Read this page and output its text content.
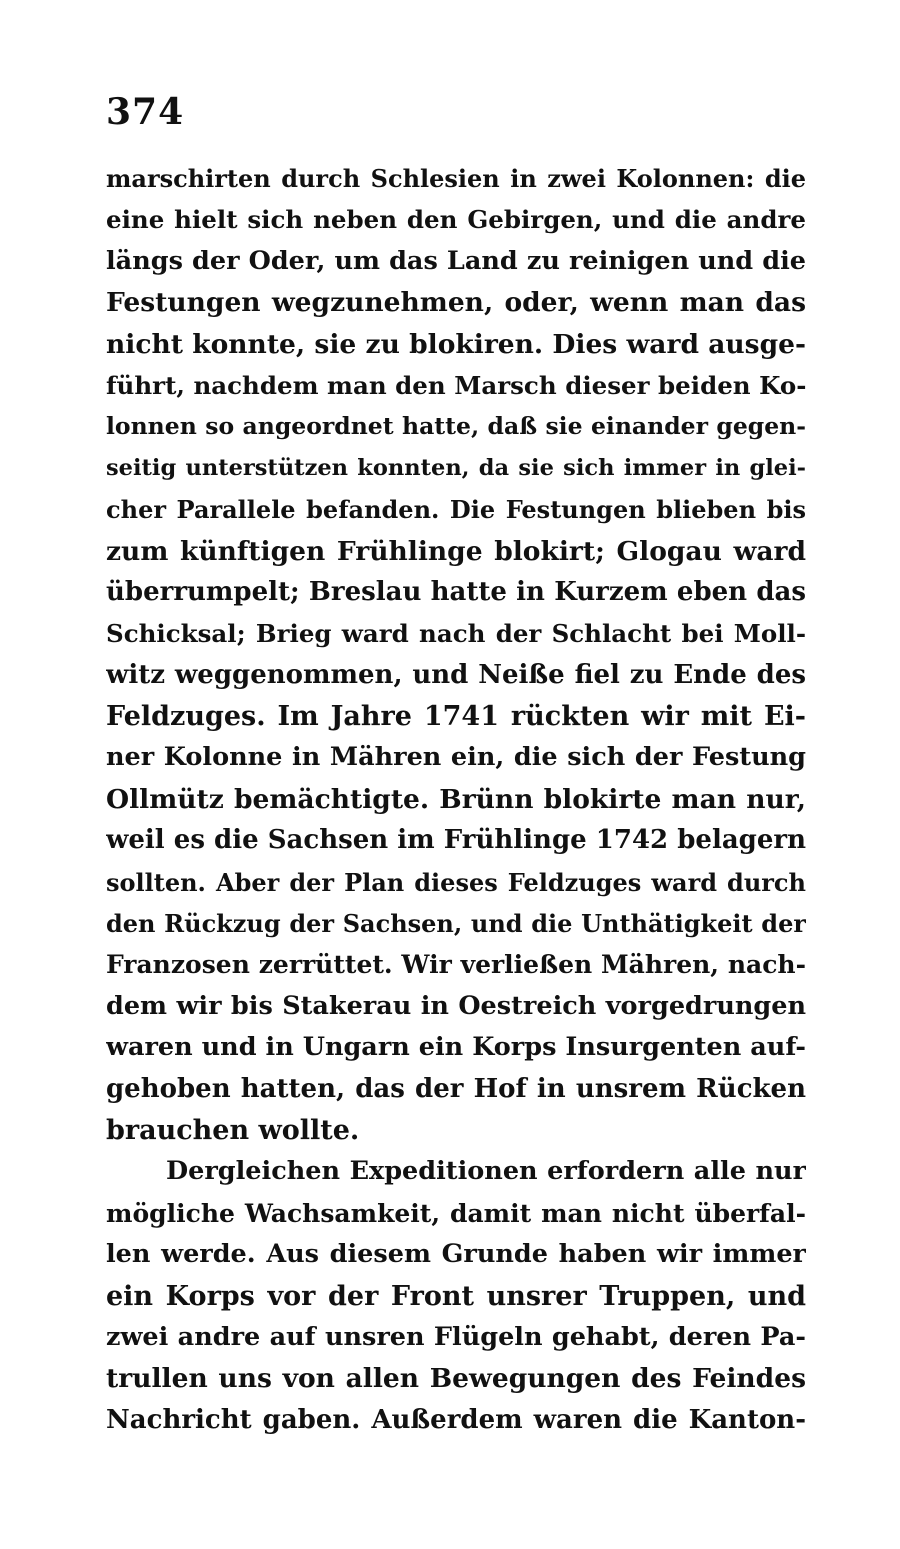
374
marschirten durch Schlesien in zwei Kolonnen: die
eine hielt sich neben den Gebirgen, und die andre
längs der Oder, um das Land zu reinigen und die
Festungen wegzunehmen, oder, wenn man das
nicht konnte, sie zu blokiren. Dies ward ausge-
führt, nachdem man den Marsch dieser beiden Ko-
lonnen so angeordnet hatte, daß sie einander gegen-
seitig unterstützen konnten, da sie sich immer in glei-
cher Parallele befanden. Die Festungen blieben bis
zum künftigen Frühlinge blokirt; Glogau ward
überrumpelt; Breslau hatte in Kurzem eben das
Schicksal; Brieg ward nach der Schlacht bei Moll-
witz weggenommen, und Neiße fiel zu Ende des
Feldzuges. Im Jahre 1741 rückten wir mit Ei-
ner Kolonne in Mähren ein, die sich der Festung
Ollmütz bemächtigte. Brünn blokirte man nur,
weil es die Sachsen im Frühlinge 1742 belagern
sollten. Aber der Plan dieses Feldzuges ward durch
den Rückzug der Sachsen, und die Unthätigkeit der
Franzosen zerrüttet. Wir verließen Mähren, nach-
dem wir bis Stakerau in Oestreich vorgedrungen
waren und in Ungarn ein Korps Insurgenten auf-
gehoben hatten, das der Hof in unsrem Rücken
brauchen wollte.
Dergleichen Expeditionen erfordern alle nur
mögliche Wachsamkeit, damit man nicht überfal-
len werde. Aus diesem Grunde haben wir immer
ein Korps vor der Front unsrer Truppen, und
zwei andre auf unsren Flügeln gehabt, deren Pa-
trullen uns von allen Bewegungen des Feindes
Nachricht gaben. Außerdem waren die Kanton-
